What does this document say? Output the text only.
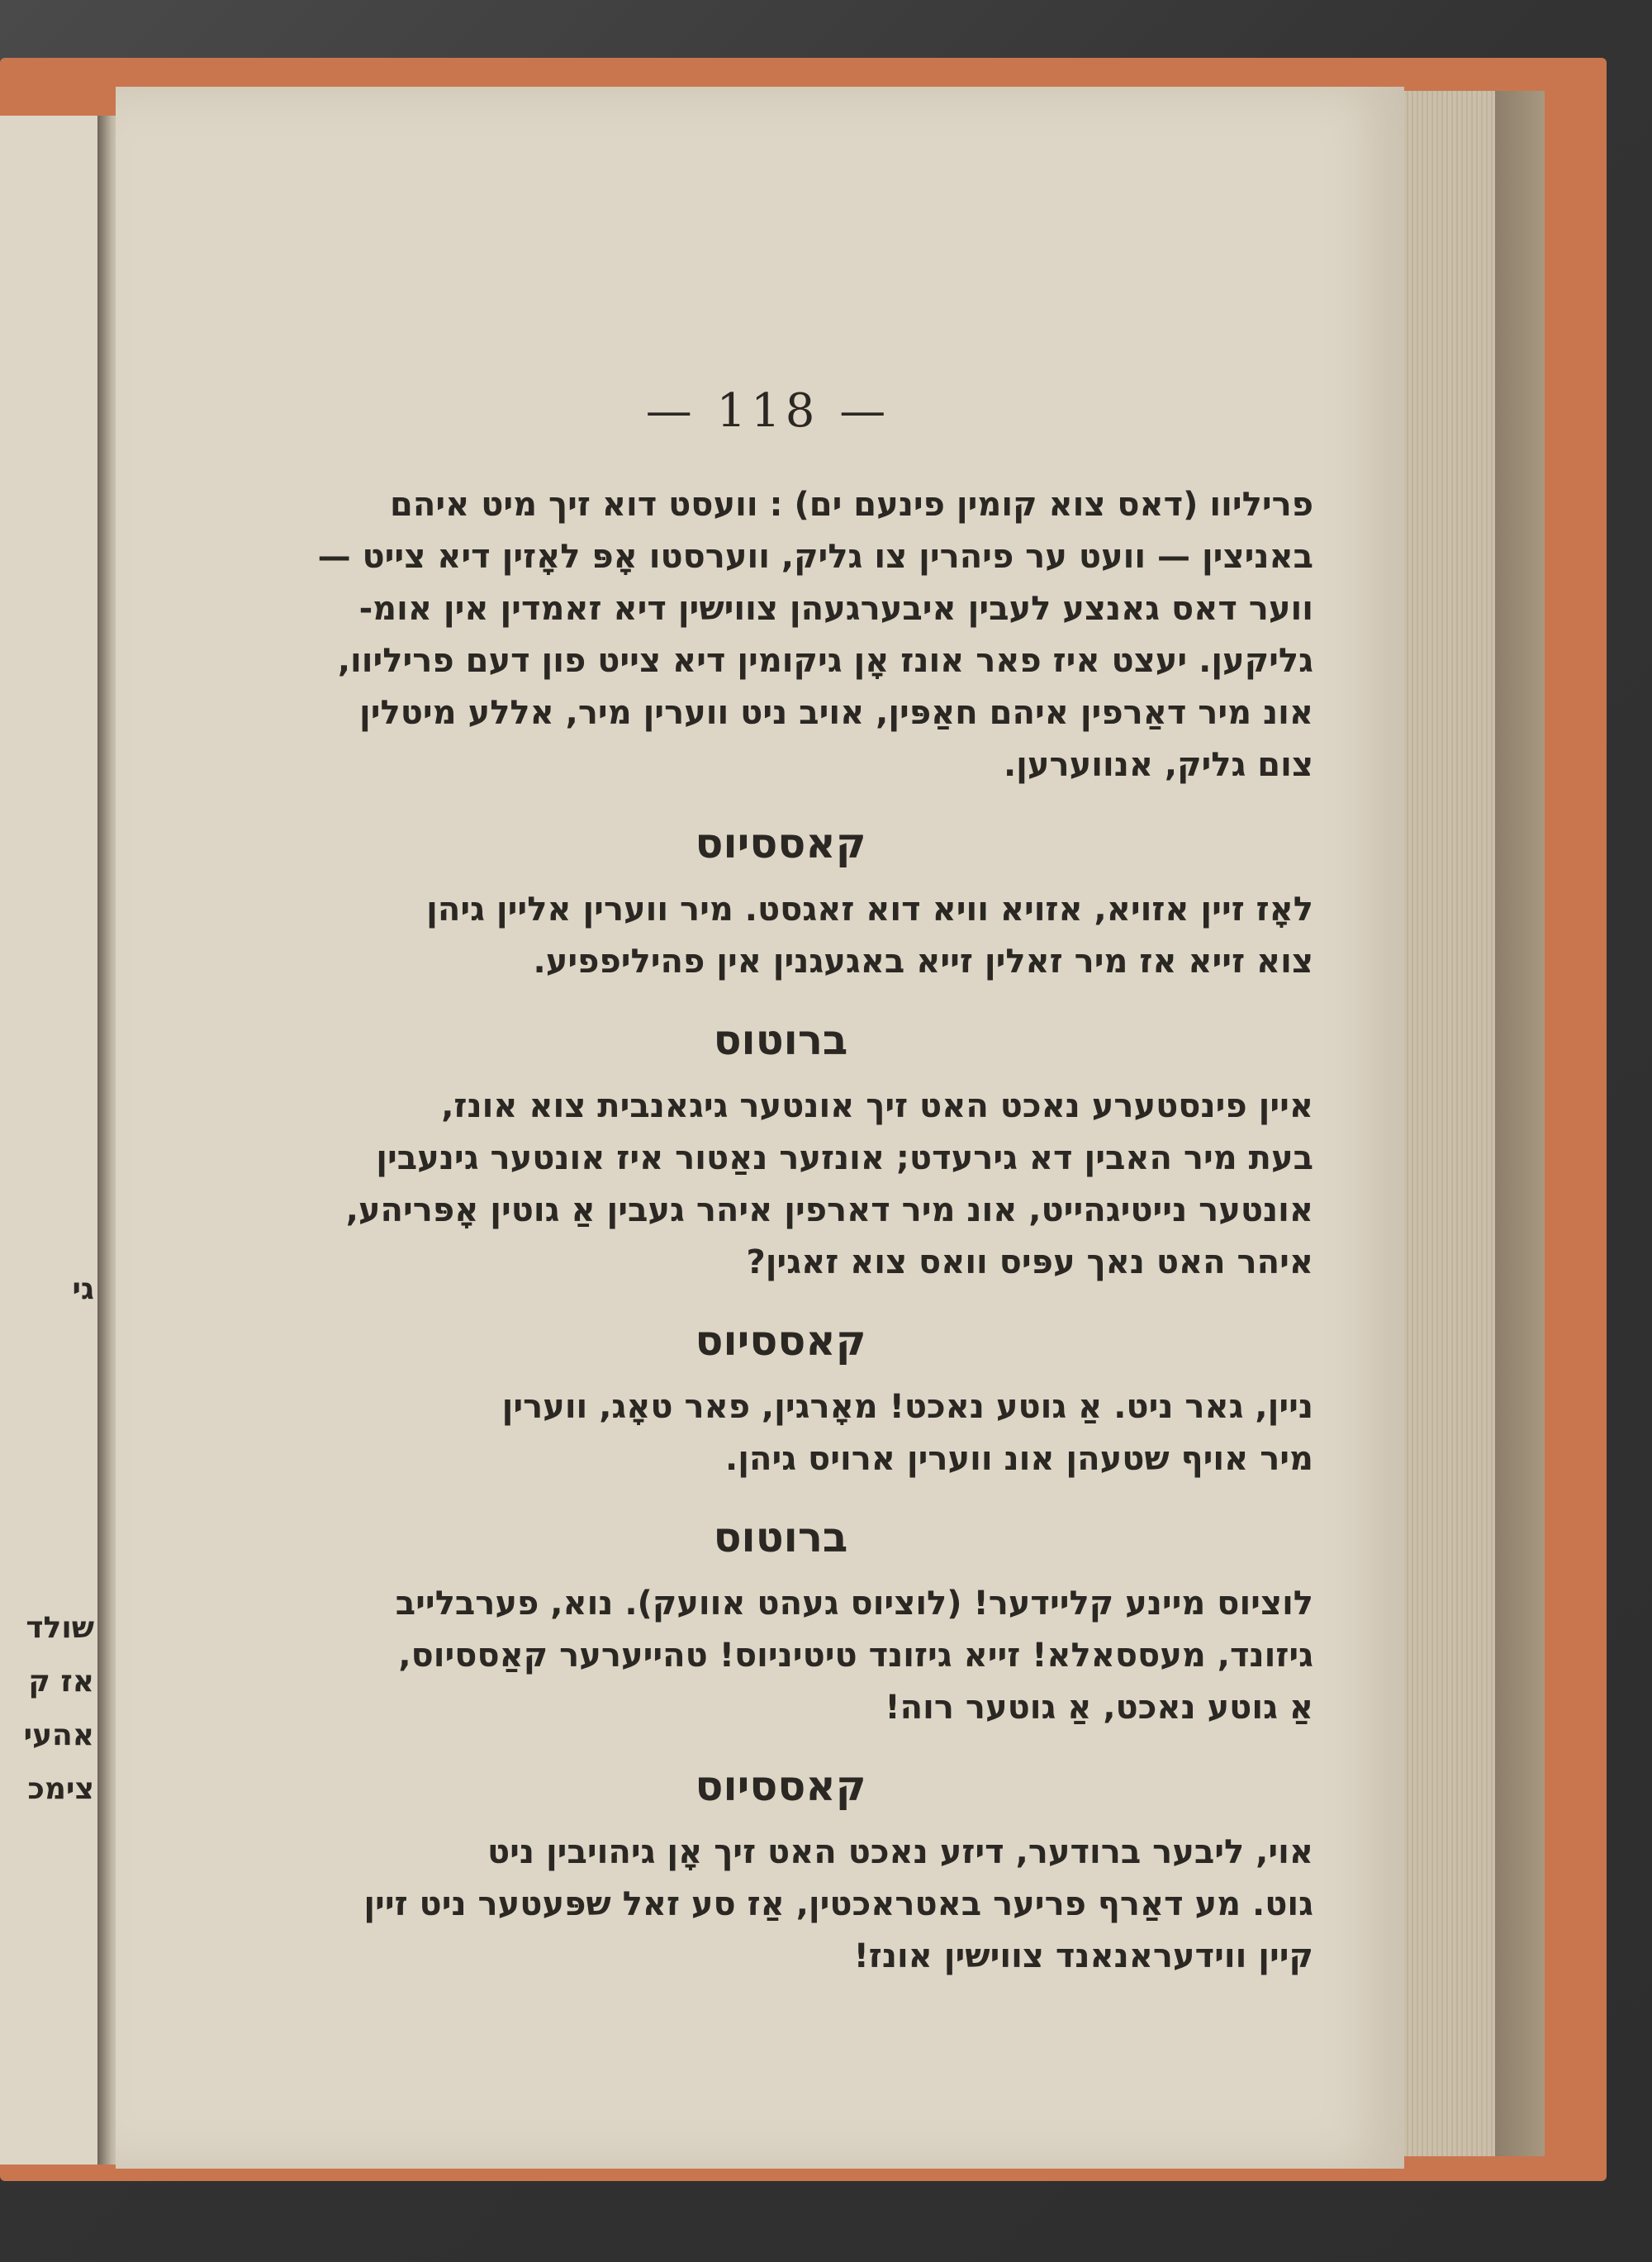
גי
שולד
אז ק
אהעי
צימכ
— 118 —

פריליוו (דאס צוא קומין פינעם ים) : וועסט דוא זיך מיט איהם

באניצין — וועט ער פיהרין צו גליק, ווערסטו אָפּ לאָזין דיא צייט —

ווער דאס גאנצע לעבין איבערגעהן צווישין דיא זאמדין אין אומ-

גליקען. יעצט איז פאר אונז אָן גיקומין דיא צייט פון דעם פריליוו,

אונ מיר דאַרפין איהם חאַפּין, אויב ניט ווערין מיר, אללע מיטלין

צום גליק, אנווערען.

קאססיוס

לאָז זיין אזויא, אזויא וויא דוא זאגסט. מיר ווערין אליין גיהן

צוא זייא אז מיר זאלין זייא באגעגנין אין פהיליפפיע.

ברוטוס

איין פינסטערע נאכט האט זיך אונטער גיגאנבית צוא אונז,

בעת מיר האבין דא גירעדט; אונזער נאַטור איז אונטער גינעבין

אונטער נייטיגהייט, אונ מיר דארפין איהר געבין אַ גוטין אָפּריהע,

איהר האט נאך עפּיס וואס צוא זאגין?

קאססיוס

ניין, גאר ניט. אַ גוטע נאכט! מאָרגין, פאר טאָג, ווערין

מיר אויף שטעהן אונ ווערין ארויס גיהן.

ברוטוס

לוציוס מיינע קליידער! (לוציוס געהט אוועק). נוא, פערבלייב

גיזונד, מעססאלא! זייא גיזונד טיטיניוס! טהייערער קאַססיוס,

אַ גוטע נאכט, אַ גוטער רוה!

קאססיוס

אוי, ליבער ברודער, דיזע נאכט האט זיך אָן גיהויבין ניט

גוט. מע דאַרף פריער באטראכטין, אַז סע זאל שפּעטער ניט זיין

קיין ווידעראנאנד צווישין אונז!
